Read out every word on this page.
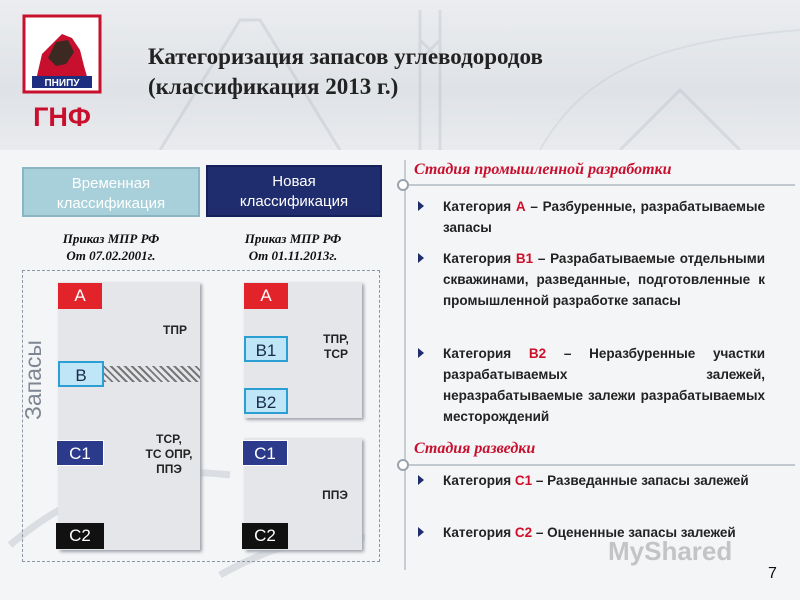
ПНИПУ
ГНФ
Категоризация запасов углеводородов
(классификация 2013 г.)
Временная
классификация
Новая
классификация
Приказ МПР РФ
От 07.02.2001г.
Приказ МПР РФ
От 01.11.2013г.
Запасы
A
B
C1
C2
ТПР
ТСР,
ТС ОПР,
ППЭ
A
B1
B2
C1
C2
ТПР,
ТСР
ППЭ
Стадия промышленной разработки
Категория А – Разбуренные, разрабатываемые запасы
Категория В1 – Разрабатываемые отдельными скважинами, разведанные, подготовленные к промышленной разработке запасы
Категория В2 – Неразбуренные участки разрабатываемых залежей, неразрабатываемые залежи разрабатываемых месторождений
Стадия разведки
Категория С1 – Разведанные запасы залежей
Категория С2 – Оцененные запасы залежей
MyShared
7
